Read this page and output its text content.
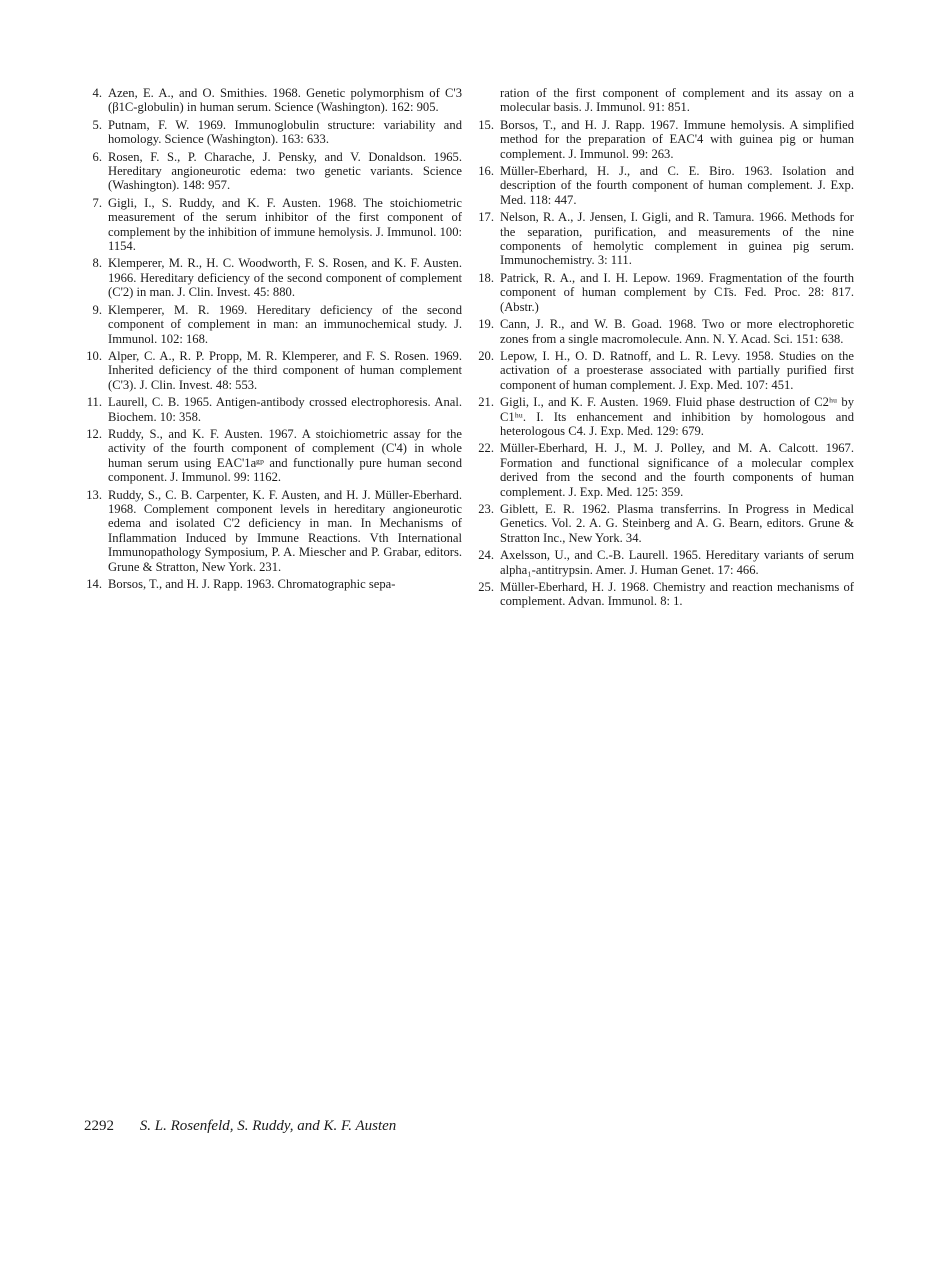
4. Azen, E. A., and O. Smithies. 1968. Genetic polymorphism of C'3 (β1C-globulin) in human serum. Science (Washington). 162: 905.
5. Putnam, F. W. 1969. Immunoglobulin structure: variability and homology. Science (Washington). 163: 633.
6. Rosen, F. S., P. Charache, J. Pensky, and V. Donaldson. 1965. Hereditary angioneurotic edema: two genetic variants. Science (Washington). 148: 957.
7. Gigli, I., S. Ruddy, and K. F. Austen. 1968. The stoichiometric measurement of the serum inhibitor of the first component of complement by the inhibition of immune hemolysis. J. Immunol. 100: 1154.
8. Klemperer, M. R., H. C. Woodworth, F. S. Rosen, and K. F. Austen. 1966. Hereditary deficiency of the second component of complement (C'2) in man. J. Clin. Invest. 45: 880.
9. Klemperer, M. R. 1969. Hereditary deficiency of the second component of complement in man: an immunochemical study. J. Immunol. 102: 168.
10. Alper, C. A., R. P. Propp, M. R. Klemperer, and F. S. Rosen. 1969. Inherited deficiency of the third component of human complement (C'3). J. Clin. Invest. 48: 553.
11. Laurell, C. B. 1965. Antigen-antibody crossed electrophoresis. Anal. Biochem. 10: 358.
12. Ruddy, S., and K. F. Austen. 1967. A stoichiometric assay for the activity of the fourth component of complement (C'4) in whole human serum using EAC'1aᵍᵖ and functionally pure human second component. J. Immunol. 99: 1162.
13. Ruddy, S., C. B. Carpenter, K. F. Austen, and H. J. Müller-Eberhard. 1968. Complement component levels in hereditary angioneurotic edema and isolated C'2 deficiency in man. In Mechanisms of Inflammation Induced by Immune Reactions. Vth International Immunopathology Symposium, P. A. Miescher and P. Grabar, editors. Grune & Stratton, New York. 231.
14. Borsos, T., and H. J. Rapp. 1963. Chromatographic sepa-
ration of the first component of complement and its assay on a molecular basis. J. Immunol. 91: 851.
15. Borsos, T., and H. J. Rapp. 1967. Immune hemolysis. A simplified method for the preparation of EAC'4 with guinea pig or human complement. J. Immunol. 99: 263.
16. Müller-Eberhard, H. J., and C. E. Biro. 1963. Isolation and description of the fourth component of human complement. J. Exp. Med. 118: 447.
17. Nelson, R. A., J. Jensen, I. Gigli, and R. Tamura. 1966. Methods for the separation, purification, and measurements of the nine components of hemolytic complement in guinea pig serum. Immunochemistry. 3: 111.
18. Patrick, R. A., and I. H. Lepow. 1969. Fragmentation of the fourth component of human complement by C1̄s. Fed. Proc. 28: 817. (Abstr.)
19. Cann, J. R., and W. B. Goad. 1968. Two or more electrophoretic zones from a single macromolecule. Ann. N. Y. Acad. Sci. 151: 638.
20. Lepow, I. H., O. D. Ratnoff, and L. R. Levy. 1958. Studies on the activation of a proesterase associated with partially purified first component of human complement. J. Exp. Med. 107: 451.
21. Gigli, I., and K. F. Austen. 1969. Fluid phase destruction of C2ʰᵘ by C1ʰᵘ. I. Its enhancement and inhibition by homologous and heterologous C4. J. Exp. Med. 129: 679.
22. Müller-Eberhard, H. J., M. J. Polley, and M. A. Calcott. 1967. Formation and functional significance of a molecular complex derived from the second and the fourth components of human complement. J. Exp. Med. 125: 359.
23. Giblett, E. R. 1962. Plasma transferrins. In Progress in Medical Genetics. Vol. 2. A. G. Steinberg and A. G. Bearn, editors. Grune & Stratton Inc., New York. 34.
24. Axelsson, U., and C.-B. Laurell. 1965. Hereditary variants of serum alpha₁-antitrypsin. Amer. J. Human Genet. 17: 466.
25. Müller-Eberhard, H. J. 1968. Chemistry and reaction mechanisms of complement. Advan. Immunol. 8: 1.
2292 S. L. Rosenfeld, S. Ruddy, and K. F. Austen
